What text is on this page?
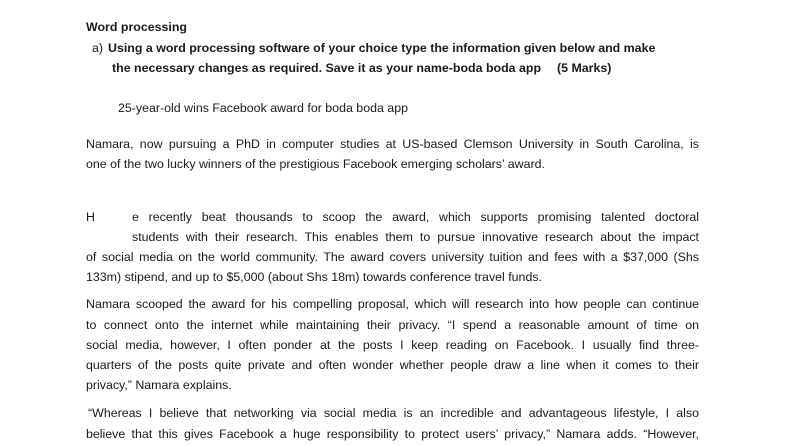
Word processing

a) Using a word processing software of your choice type the information given below and make

the necessary changes as required. Save it as your name-boda boda app (5 Marks)

25-year-old wins Facebook award for boda boda app

Namara, now pursuing a PhD in computer studies at US-based Clemson University in South Carolina, is

one of the two lucky winners of the prestigious Facebook emerging scholars’ award.

H	e recently beat thousands to scoop the award, which supports promising talented doctoral

students with their research. This enables them to pursue innovative research about the impact

of social media on the world community. The award covers university tuition and fees with a $37,000 (Shs

133m) stipend, and up to $5,000 (about Shs 18m) towards conference travel funds.

Namara scooped the award for his compelling proposal, which will research into how people can continue

to connect onto the internet while maintaining their privacy. “I spend a reasonable amount of time on

social media, however, I often ponder at the posts I keep reading on Facebook. I usually find three-

quarters of the posts quite private and often wonder whether people draw a line when it comes to their

privacy,” Namara explains.

“Whereas I believe that networking via social media is an incredible and advantageous lifestyle, I also

believe that this gives Facebook a huge responsibility to protect users’ privacy,” Namara adds. “However,
